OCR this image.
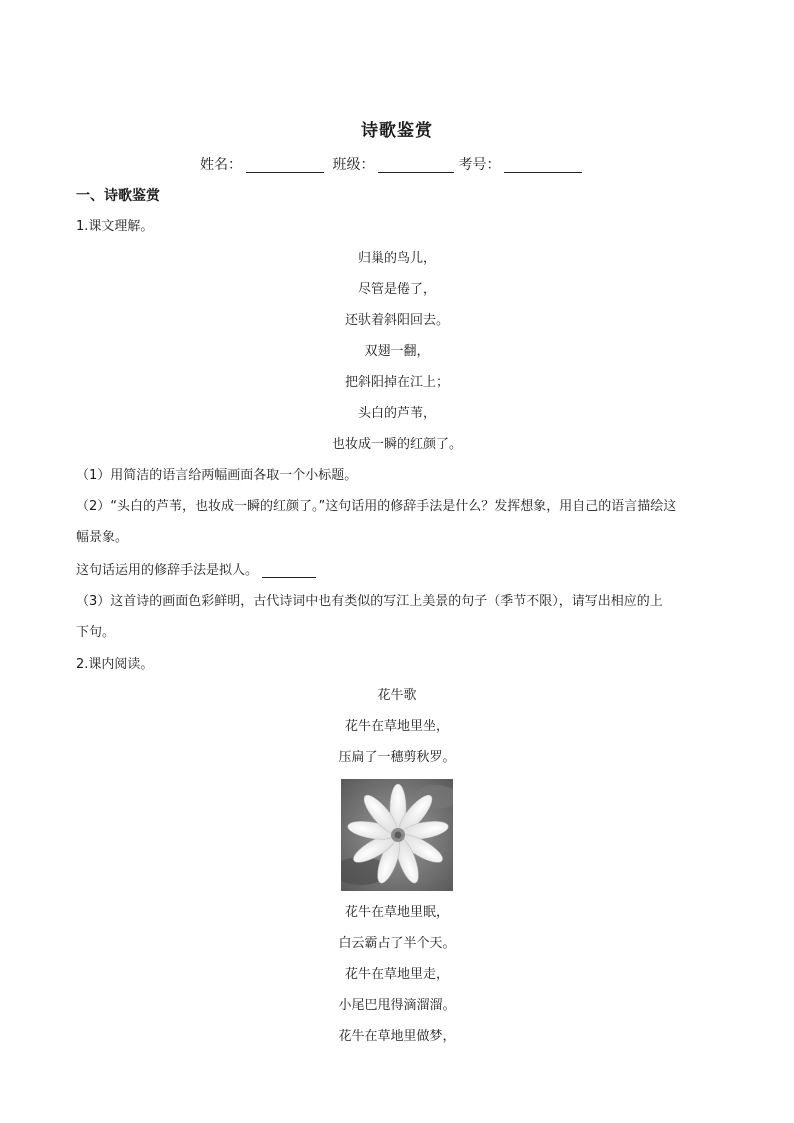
诗歌鉴赏
姓名：	班级：	考号：
一、诗歌鉴赏
1.课文理解。
归巢的鸟儿，
尽管是倦了，
还驮着斜阳回去。
双翅一翻，
把斜阳掉在江上；
头白的芦苇，
也妆成一瞬的红颜了。
（1）用简洁的语言给两幅画面各取一个小标题。
（2）“头白的芦苇，也妆成一瞬的红颜了。”这句话用的修辞手法是什么？发挥想象，用自己的语言描绘这
幅景象。
这句话运用的修辞手法是拟人。
（3）这首诗的画面色彩鲜明，古代诗词中也有类似的写江上美景的句子（季节不限），请写出相应的上
下句。
2.课内阅读。
花牛歌
花牛在草地里坐，
压扁了一穗剪秋罗。
花牛在草地里眠，
白云霸占了半个天。
花牛在草地里走，
小尾巴甩得滴溜溜。
花牛在草地里做梦，
